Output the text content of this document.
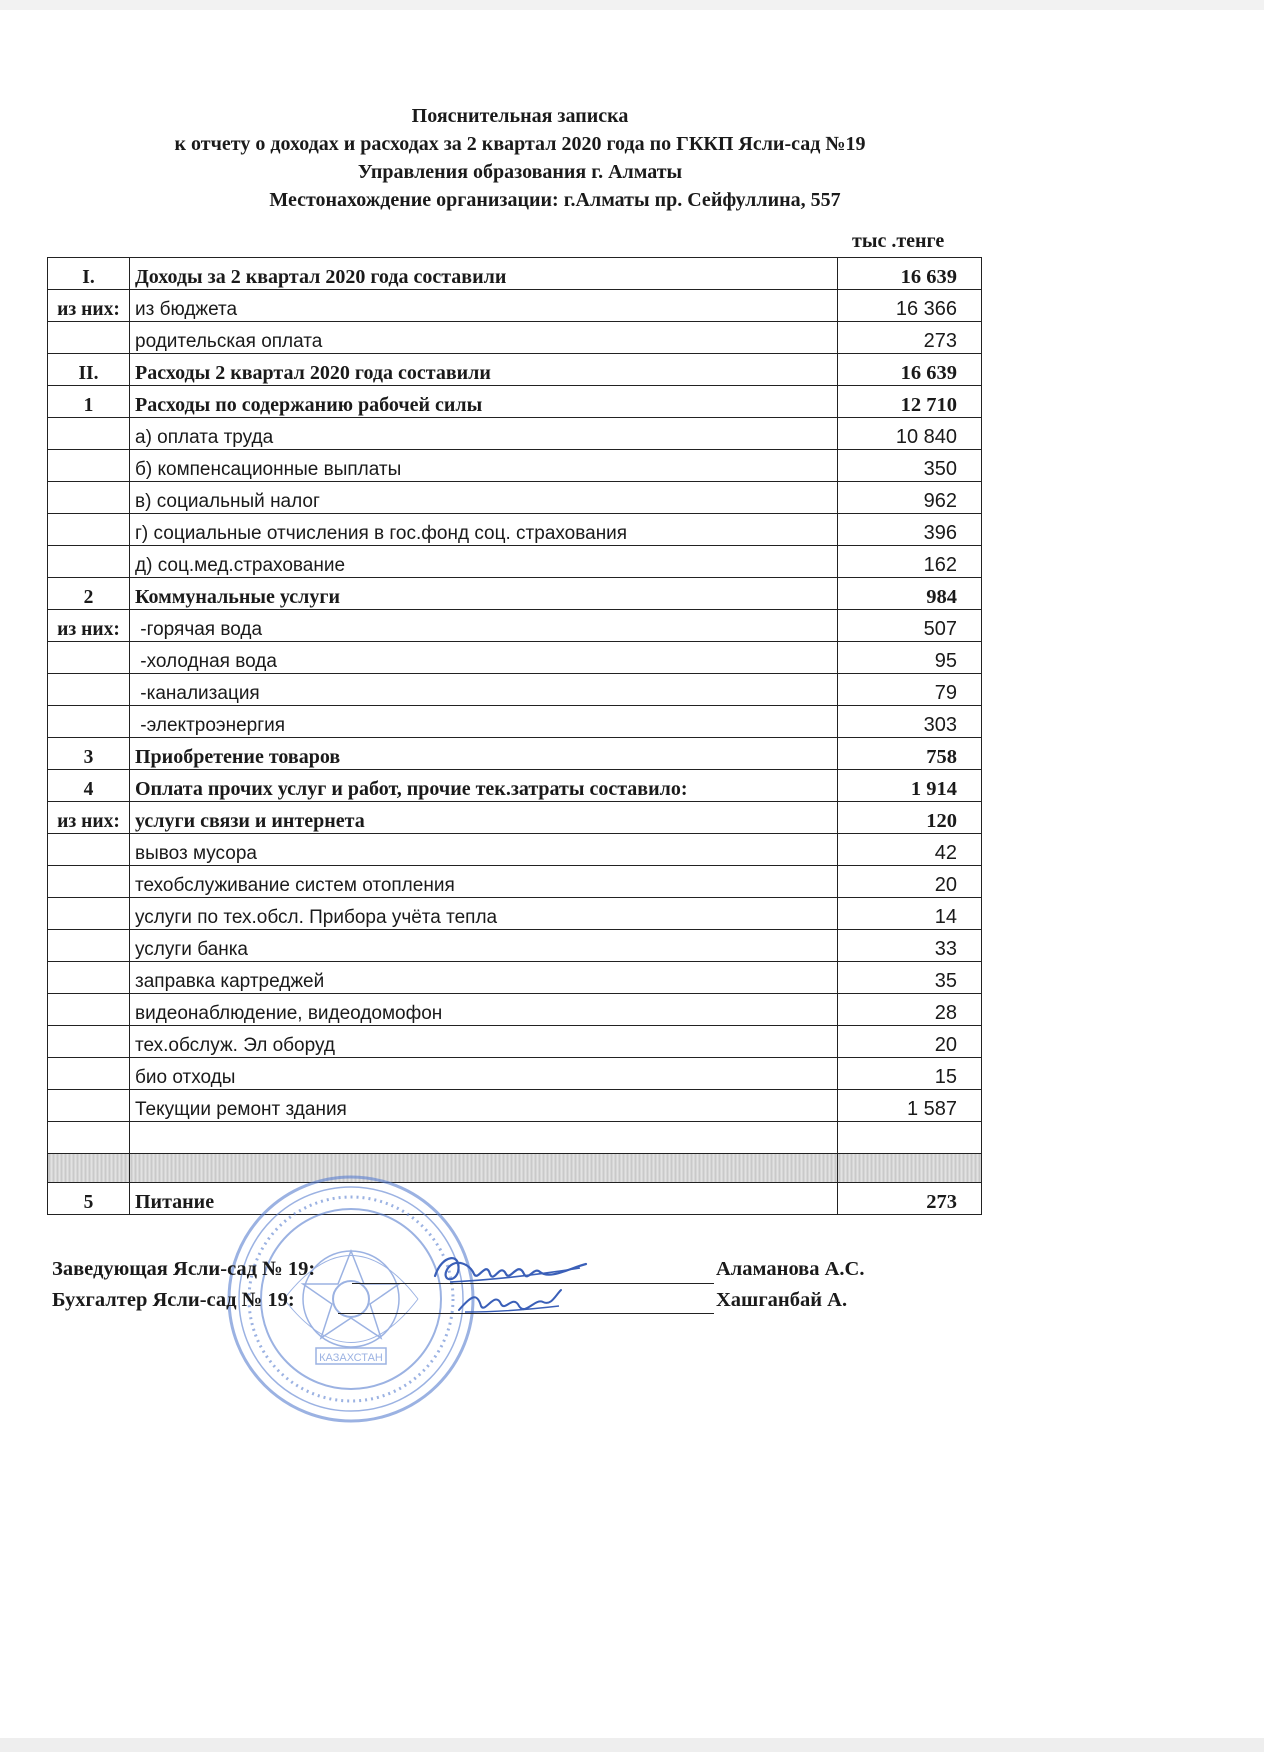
Пояснительная записка
к отчету о доходах и расходах за 2 квартал 2020 года по ГККП Ясли-сад №19
Управления образования г. Алматы
Местонахождение организации: г.Алматы пр. Сейфуллина, 557
тыс .тенге
I.	Доходы за 2 квартал 2020 года составили	16 639
из них:	из бюджета	16 366
	родительская оплата	273
II.	Расходы 2 квартал 2020 года составили	16 639
1	Расходы по содержанию рабочей силы	12 710
	а) оплата труда	10 840
	б) компенсационные выплаты	350
	в) социальный налог	962
	г) социальные отчисления в гос.фонд соц. страхования	396
	д) соц.мед.страхование	162
2	Коммунальные услуги	984
из них:	-горячая вода	507
	-холодная вода	95
	-канализация	79
	-электроэнергия	303
3	Приобретение товаров	758
4	Оплата прочих услуг и работ, прочие тек.затраты составило:	1 914
из них:	услуги связи и интернета	120
	вывоз мусора	42
	техобслуживание систем отопления	20
	услуги по тех.обсл. Прибора учёта тепла	14
	услуги банка	33
	заправка картреджей	35
	видеонаблюдение, видеодомофон	28
	тех.обслуж. Эл оборуд	20
	био отходы	15
	Текущии ремонт здания	1 587

5	Питание	273
КАЗАХСТАН
Заведующая Ясли-сад № 19:	Аламанова А.С.
Бухгалтер Ясли-сад № 19:	Хашганбай А.
